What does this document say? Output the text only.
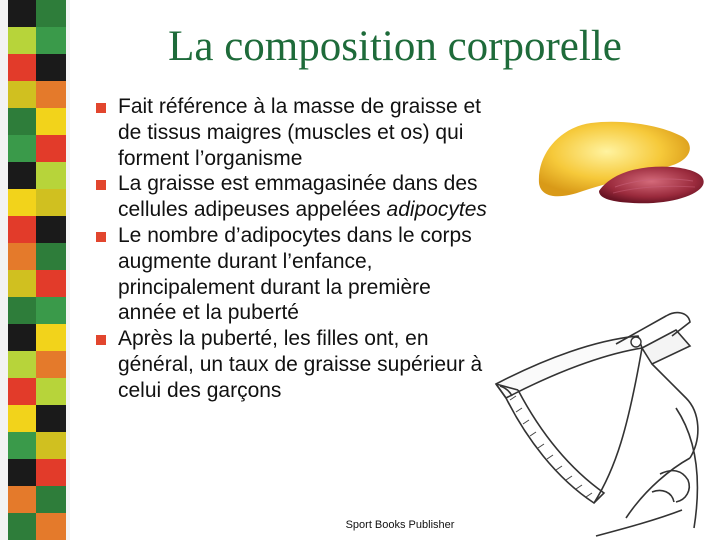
La composition corporelle
Fait référence à la masse de graisse et de tissus maigres (muscles et os) qui forment l’organisme
La graisse est emmagasinée dans des cellules adipeuses appelées adipocytes
Le nombre d’adipocytes dans le corps augmente durant l’enfance, principalement durant la première année et la puberté
Après la puberté, les filles ont, en général, un taux de graisse supérieur à celui des garçons
Sport Books Publisher
